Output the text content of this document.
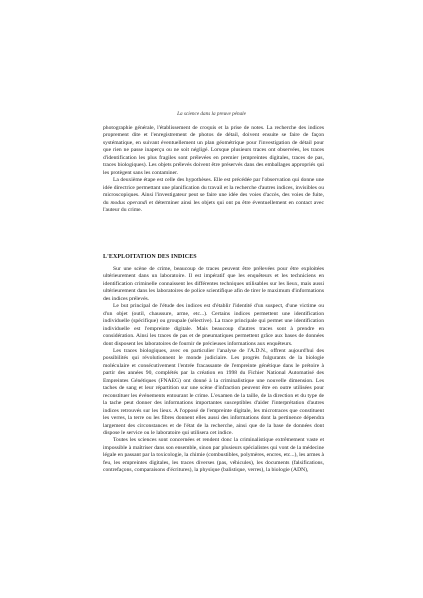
La science dans la preuve pénale

photographie générale, l'établissement de croquis et la prise de notes. La recherche des indices proprement dite et l'enregistrement de photos de détail, doivent ensuite se faire de façon systématique, en suivant éventuellement un plan géométrique pour l'investigation de détail pour que rien ne passe inaperçu ou ne soit négligé. Lorsque plusieurs traces ont observées, les traces d'identification les plus fragiles sont prélevées en premier (empreintes digitales, traces de pas, traces biologiques). Les objets prélevés doivent être préservés dans des emballages appropriés qui les protègent sans les contaminer.

La deuxième étape est celle des hypothèses. Elle est précédée par l'observation qui donne une idée directrice permettant une planification du travail et la recherche d'autres indices, invisibles ou microscopiques. Ainsi l'investigateur peut se faire une idée des voies d'accès, des voies de fuite, du modus operandi et déterminer ainsi les objets qui ont pu être éventuellement en contact avec l'auteur du crime.

L'EXPLOITATION DES INDICES

Sur une scène de crime, beaucoup de traces peuvent être prélevées pour être exploitées ultérieurement dans un laboratoire. Il est impératif que les enquêteurs et les techniciens en identification criminelle connaissent les différentes techniques utilisables sur les lieux, mais aussi ultérieurement dans les laboratoires de police scientifique afin de tirer le maximum d'informations des indices prélevés.

Le but principal de l'étude des indices est d'établir l'identité d'un suspect, d'une victime ou d'un objet (outil, chaussure, arme, etc...). Certains indices permettent une identification individuelle (spécifique) ou groupale (sélective). La trace principale qui permet une identification individuelle est l'empreinte digitale. Mais beaucoup d'autres traces sont à prendre en considération. Ainsi les traces de pas et de pneumatiques permettent grâce aux bases de données dont disposent les laboratoires de fournir de précieuses informations aux enquêteurs.

Les traces biologiques, avec en particulier l'analyse de l'A.D.N., offrent aujourd'hui des possibilités qui révolutionnent le monde judiciaire. Les progrès fulgurants de la biologie moléculaire et consécutivement l'entrée fracassante de l'empreinte génétique dans le prétoire à partir des années 90, complétés par la création en 1998 du Fichier National Automatisé des Empreintes Génétiques (FNAEG) ont donné à la criminalistique une nouvelle dimension. Les taches de sang et leur répartition sur une scène d'infraction peuvent être en outre utilisées pour reconstituer les événements entourant le crime. L'examen de la taille, de la direction et du type de la tache peut donner des informations importantes susceptibles d'aider l'interprétation d'autres indices retrouvés sur les lieux. A l'opposé de l'empreinte digitale, les microtraces que constituent les verres, la terre ou les fibres donnent elles aussi des informations dont la pertinence dépendra largement des circonstances et de l'état de la recherche, ainsi que de la base de données dont dispose le service ou le laboratoire qui utilisera cet indice.

Toutes les sciences sont concernées et rendent donc la criminalistique extrêmement vaste et impossible à maîtriser dans son ensemble, sinon par plusieurs spécialistes qui vont de la médecine légale en passant par la toxicologie, la chimie (combustibles, polymères, encres, etc...), les armes à feu, les empreintes digitales, les traces diverses (pas, véhicules), les documents (falsifications, contrefaçons, comparaisons d'écritures), la physique (balistique, verres), la biologie (ADN),
